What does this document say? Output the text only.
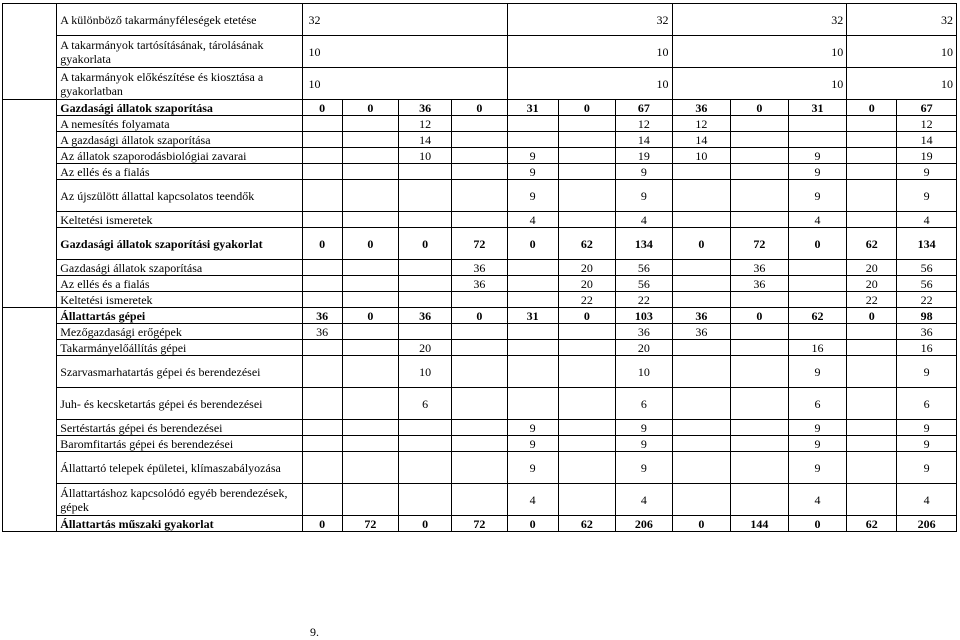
	A különböző takarmányféleségek etetése	32				32			32			32	
	A takarmányok tartósításának, tárolásának gyakorlata	10				10			10			10	
	A takarmányok előkészítése és kiosztása a gyakorlatban	10				10			10			10	
	Gazdasági állatok szaporítása	0	0	36	0	31	0	67	36	0	31	0	67
	A nemesítés folyamata			12				12	12				12
	A gazdasági állatok szaporítása			14				14	14				14
	Az állatok szaporodásbiológiai zavarai			10		9		19	10		9		19
	Az ellés és a fialás					9		9			9		9
	Az újszülött állattal kapcsolatos teendők					9		9			9		9
	Keltetési ismeretek					4		4			4		4
	Gazdasági állatok szaporítási gyakorlat	0	0	0	72	0	62	134	0	72	0	62	134
	Gazdasági állatok szaporítása				36		20	56		36		20	56
	Az ellés és a fialás				36		20	56		36		20	56
	Keltetési ismeretek						22	22				22	22
	Állattartás gépei	36	0	36	0	31	0	103	36	0	62	0	98
	Mezőgazdasági erőgépek	36						36	36				36
	Takarmányelőállítás gépei			20				20			16		16
	Szarvasmarhatartás gépei és berendezései			10				10			9		9
	Juh- és kecsketartás gépei és berendezései			6				6			6		6
	Sertéstartás gépei és berendezései					9		9			9		9
	Baromfitartás gépei és berendezései					9		9			9		9
	Állattartó telepek épületei, klímaszabályozása					9		9			9		9
	Állattartáshoz kapcsolódó egyéb berendezések, gépek					4		4			4		4
	Állattartás műszaki gyakorlat	0	72	0	72	0	62	206	0	144	0	62	206
9.
